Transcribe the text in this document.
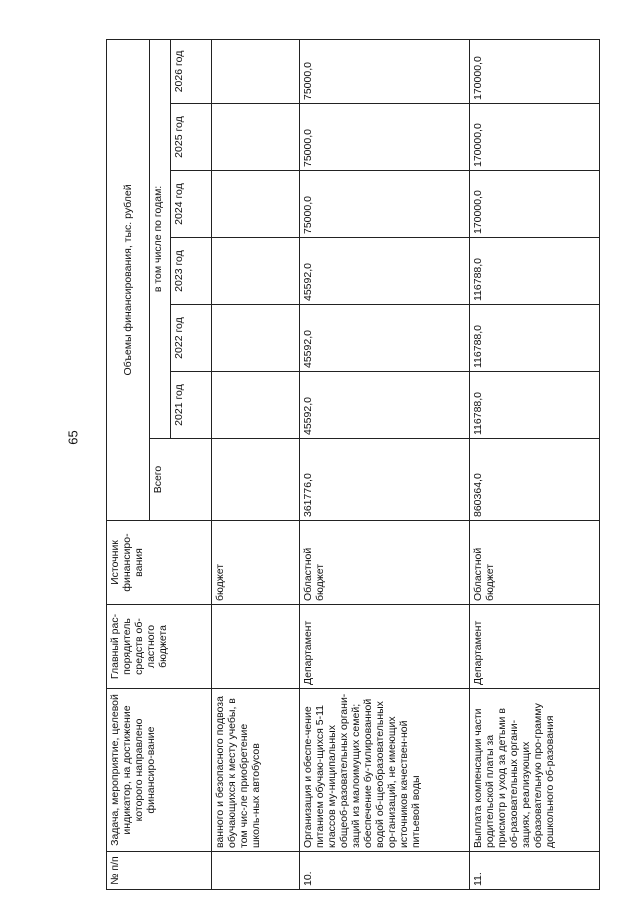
65
№ п/п	Задача, мероприятие, целевой индикатор, на достижение которого направлено финансиро-вание	Главный рас-порядитель средств об-ластного бюджета	Источник финансиро-вания	Объемы финансирования, тыс. рублей						
				Всего	в том числе по годам:					
					2021 год	2022 год	2023 год	2024 год	2025 год	2026 год
	ванного и безопасного подвоза обучающихся к месту учебы, в том чис-ле приобретение школь-ных автобусов		бюджет							
10.	Организация и обеспе-чение питанием обучаю-щихся 5-11 классов му-ниципальных общеоб-разовательных органи-заций из малоимущих семей; обеспечение бу-тилированной водой об-щеобразовательных ор-ганизаций, не имеющих источников качествен-ной питьевой воды	Департамент	Областной бюджет	361776,0	45592,0	45592,0	45592,0	75000,0	75000,0	75000,0
11.	Выплата компенсации части родительской платы за присмотр и уход за детьми в об-разовательных органи-зациях, реализующих образовательную про-грамму дошкольного об-разования	Департамент	Областной бюджет	860364,0	116788,0	116788,0	116788,0	170000,0	170000,0	170000,0
